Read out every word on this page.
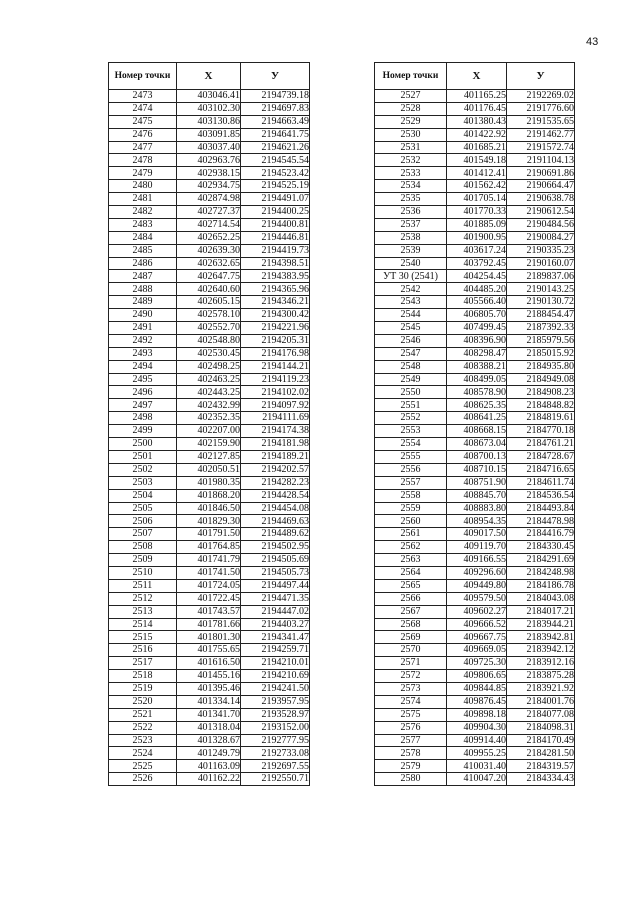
43
Номер точки	X	У
2473	403046.41	2194739.18
2474	403102.30	2194697.83
2475	403130.86	2194663.49
2476	403091.85	2194641.75
2477	403037.40	2194621.26
2478	402963.76	2194545.54
2479	402938.15	2194523.42
2480	402934.75	2194525.19
2481	402874.98	2194491.07
2482	402727.37	2194400.25
2483	402714.54	2194400.81
2484	402652.25	2194446.81
2485	402639.30	2194419.73
2486	402632.65	2194398.51
2487	402647.75	2194383.95
2488	402640.60	2194365.96
2489	402605.15	2194346.21
2490	402578.10	2194300.42
2491	402552.70	2194221.96
2492	402548.80	2194205.31
2493	402530.45	2194176.98
2494	402498.25	2194144.21
2495	402463.25	2194119.23
2496	402443.25	2194102.02
2497	402432.99	2194097.92
2498	402352.35	2194111.69
2499	402207.00	2194174.38
2500	402159.90	2194181.98
2501	402127.85	2194189.21
2502	402050.51	2194202.57
2503	401980.35	2194282.23
2504	401868.20	2194428.54
2505	401846.50	2194454.08
2506	401829.30	2194469.63
2507	401791.50	2194489.62
2508	401764.85	2194502.95
2509	401741.79	2194505.69
2510	401741.50	2194505.73
2511	401724.05	2194497.44
2512	401722.45	2194471.35
2513	401743.57	2194447.02
2514	401781.66	2194403.27
2515	401801.30	2194341.47
2516	401755.65	2194259.71
2517	401616.50	2194210.01
2518	401455.16	2194210.69
2519	401395.46	2194241.50
2520	401334.14	2193957.95
2521	401341.70	2193528.97
2522	401318.04	2193152.00
2523	401328.67	2192777.95
2524	401249.79	2192733.08
2525	401163.09	2192697.55
2526	401162.22	2192550.71
Номер точки	X	У
2527	401165.25	2192269.02
2528	401176.45	2191776.60
2529	401380.43	2191535.65
2530	401422.92	2191462.77
2531	401685.21	2191572.74
2532	401549.18	2191104.13
2533	401412.41	2190691.86
2534	401562.42	2190664.47
2535	401705.14	2190638.78
2536	401770.33	2190612.54
2537	401885.09	2190484.56
2538	401900.95	2190084.27
2539	403617.24	2190335.23
2540	403792.45	2190160.07
УТ 30 (2541)	404254.45	2189837.06
2542	404485.20	2190143.25
2543	405566.40	2190130.72
2544	406805.70	2188454.47
2545	407499.45	2187392.33
2546	408396.90	2185979.56
2547	408298.47	2185015.92
2548	408388.21	2184935.80
2549	408499.05	2184949.08
2550	408578.90	2184908.23
2551	408625.35	2184848.82
2552	408641.25	2184819.61
2553	408668.15	2184770.18
2554	408673.04	2184761.21
2555	408700.13	2184728.67
2556	408710.15	2184716.65
2557	408751.90	2184611.74
2558	408845.70	2184536.54
2559	408883.80	2184493.84
2560	408954.35	2184478.98
2561	409017.50	2184416.79
2562	409119.70	2184330.45
2563	409166.55	2184291.69
2564	409296.60	2184248.98
2565	409449.80	2184186.78
2566	409579.50	2184043.08
2567	409602.27	2184017.21
2568	409666.52	2183944.21
2569	409667.75	2183942.81
2570	409669.05	2183942.12
2571	409725.30	2183912.16
2572	409806.65	2183875.28
2573	409844.85	2183921.92
2574	409876.45	2184001.76
2575	409898.18	2184077.08
2576	409904.30	2184098.31
2577	409914.40	2184170.49
2578	409955.25	2184281.50
2579	410031.40	2184319.57
2580	410047.20	2184334.43
